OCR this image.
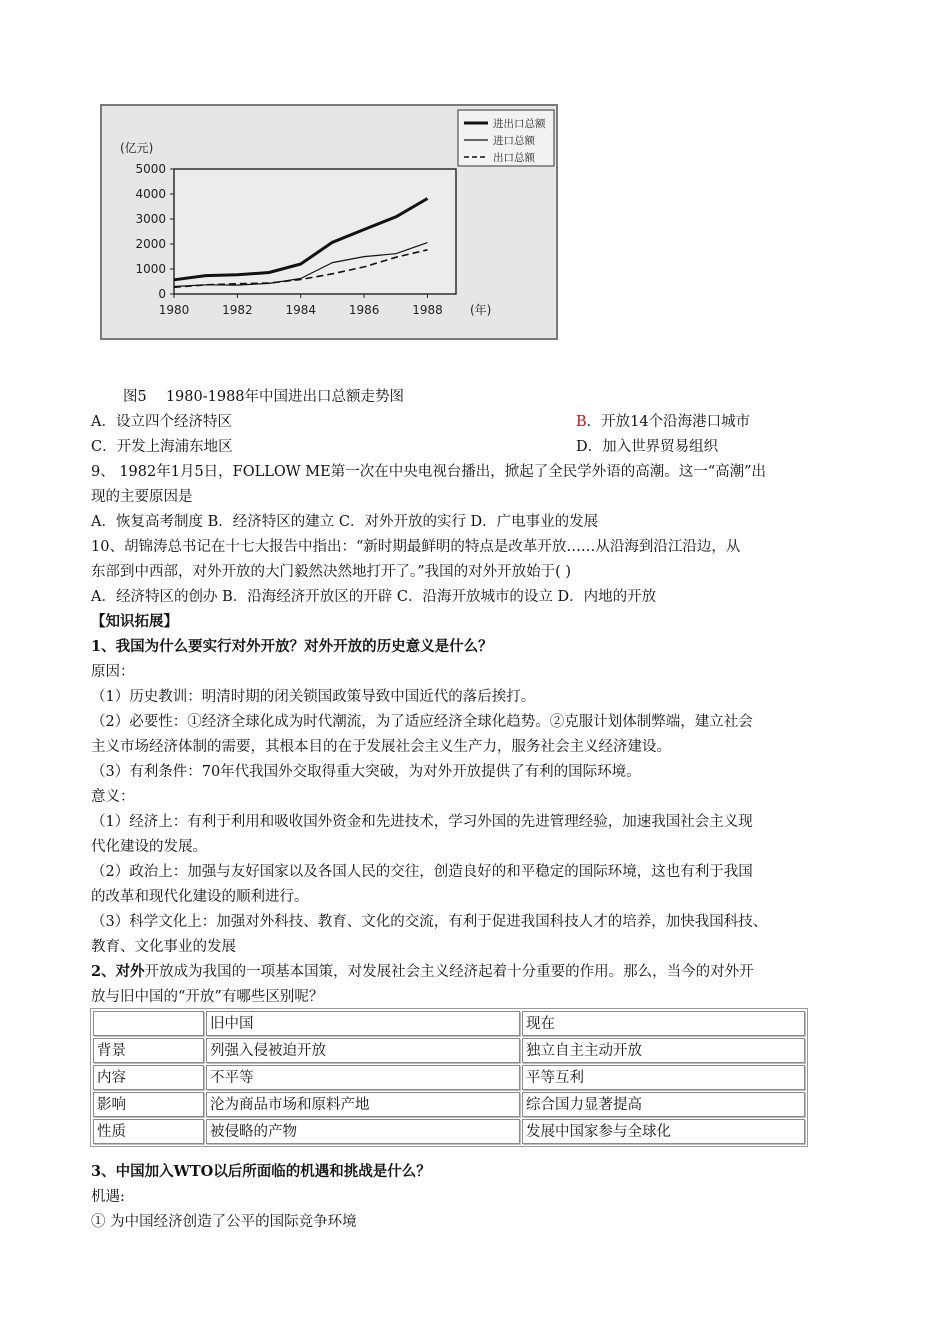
0
1000
2000
3000
4000
5000
1980	1982	1984	1986	1988
(亿元)
(年)
进出口总额
进口总额
出口总额
图5　 1980-1988年中国进出口总额走势图
A．设立四个经济特区	B．开放14个沿海港口城市
C．开发上海浦东地区	D．加入世界贸易组织
9、 1982年1月5日，FOLLOW ME第一次在中央电视台播出，掀起了全民学外语的高潮。这一“高潮”出
现的主要原因是
A．恢复高考制度 B．经济特区的建立 C．对外开放的实行 D．广电事业的发展
10、胡锦涛总书记在十七大报告中指出：“新时期最鲜明的特点是改革开放……从沿海到沿江沿边，从
东部到中西部，对外开放的大门毅然决然地打开了。”我国的对外开放始于( )
A．经济特区的创办 B．沿海经济开放区的开辟 C．沿海开放城市的设立 D．内地的开放
【知识拓展】
1、我国为什么要实行对外开放？对外开放的历史意义是什么？
原因：
（1）历史教训：明清时期的闭关锁国政策导致中国近代的落后挨打。
（2）必要性：①经济全球化成为时代潮流，为了适应经济全球化趋势。②克服计划体制弊端，建立社会
主义市场经济体制的需要，其根本目的在于发展社会主义生产力，服务社会主义经济建设。
（3）有利条件：70年代我国外交取得重大突破，为对外开放提供了有利的国际环境。
意义：
（1）经济上：有利于利用和吸收国外资金和先进技术，学习外国的先进管理经验，加速我国社会主义现
代化建设的发展。
（2）政治上：加强与友好国家以及各国人民的交往，创造良好的和平稳定的国际环境，这也有利于我国
的改革和现代化建设的顺利进行。
（3）科学文化上：加强对外科技、教育、文化的交流，有利于促进我国科技人才的培养，加快我国科技、
教育、文化事业的发展
2、对外开放成为我国的一项基本国策，对发展社会主义经济起着十分重要的作用。那么，当今的对外开
放与旧中国的“开放”有哪些区别呢？
	旧中国	现在
背景	列强入侵被迫开放	独立自主主动开放
内容	不平等	平等互利
影响	沦为商品市场和原料产地	综合国力显著提高
性质	被侵略的产物	发展中国家参与全球化
3、中国加入WTO以后所面临的机遇和挑战是什么？
机遇:
① 为中国经济创造了公平的国际竞争环境
